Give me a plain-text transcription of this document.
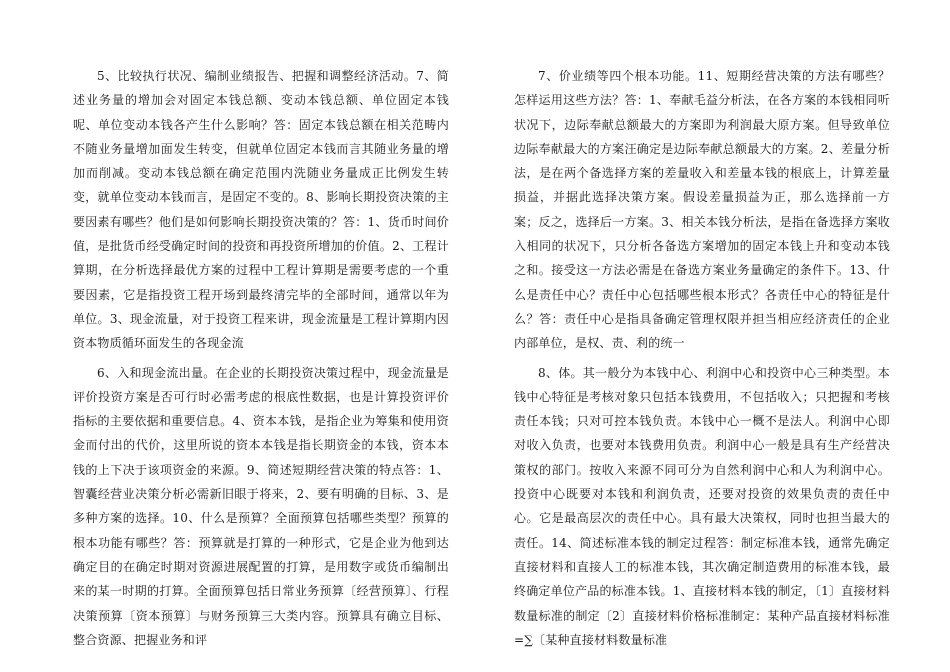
5、比较执行状况、编制业绩报告、把握和调整经济活动。7、简述业务量的增加会对固定本钱总额、变动本钱总额、单位固定本钱呢、单位变动本钱各产生什么影响？答：固定本钱总额在相关范畴内不随业务量增加面发生转变，但就单位固定本钱而言其随业务量的增加而削减。变动本钱总额在确定范围内洗随业务量成正比例发生转变，就单位变动本钱而言，是固定不变的。8、影响长期投资决策的主要因素有哪些？他们是如何影响长期投资决策的？答：1、货币时间价值，是批货币经受确定时间的投资和再投资所增加的价值。2、工程计算期，在分析选择最优方案的过程中工程计算期是需要考虑的一个重要因素，它是指投资工程开场到最终清完毕的全部时间，通常以年为单位。3、现金流量，对于投资工程来讲，现金流量是工程计算期内因资本物质循环面发生的各现金流

6、入和现金流出量。在企业的长期投资决策过程中，现金流量是评价投资方案是否可行时必需考虑的根底性数据，也是计算投资评价指标的主要依据和重要信息。4、资本本钱，是指企业为筹集和使用资金而付出的代价，这里所说的资本本钱是指长期资金的本钱，资本本钱的上下决于该项资金的来源。9、简述短期经营决策的特点答：1、智囊经营业决策分析必需新旧眼于将来，2、要有明确的目标、3、是多种方案的选择。10、什么是预算？全面预算包括哪些类型？预算的根本功能有哪些？答：预算就是打算的一种形式，它是企业为他到达确定目的在确定时期对资源进展配置的打算，是用数字或货币编制出来的某一时期的打算。全面预算包括日常业务预算〔经营预算〕、行程决策预算〔资本预算〕与财务预算三大类内容。预算具有确立目标、整合资源、把握业务和评

7、价业绩等四个根本功能。11、短期经营决策的方法有哪些？怎样运用这些方法？答：1、奉献毛益分析法，在各方案的本钱相同听状况下，边际奉献总额最大的方案即为利润最大原方案。但导致单位边际奉献最大的方案汪确定是边际奉献总额最大的方案。2、差量分析法，是在两个备选择方案的差量收入和差量本钱的根底上，计算差量损益，并据此选择决策方案。假设差量损益为正，那么选择前一方案；反之，选择后一方案。3、相关本钱分析法，是指在备选择方案收入相同的状况下，只分析各备选方案增加的固定本钱上升和变动本钱之和。接受这一方法必需是在备选方案业务量确定的条件下。13、什么是责任中心？责任中心包括哪些根本形式？各责任中心的特征是什么？答：责任中心是指具备确定管理权限并担当相应经济责任的企业内部单位，是权、责、利的统一

8、体。其一般分为本钱中心、利润中心和投资中心三种类型。本钱中心特征是考核对象只包括本钱费用，不包括收入；只把握和考核责任本钱；只对可控本钱负责。本钱中心一概不是法人。利润中心即对收入负责，也要对本钱费用负责。利润中心一般是具有生产经营决策权的部门。按收入来源不同可分为自然利润中心和人为利润中心。投资中心既要对本钱和利润负责，还要对投资的效果负责的责任中心。它是最高层次的责任中心。具有最大决策权，同时也担当最大的责任。14、简述标准本钱的制定过程答：制定标准本钱，通常先确定直接材料和直接人工的标准本钱，其次确定制造费用的标准本钱，最终确定单位产品的标准本钱。1、直接材料本钱的制定，〔1〕直接材料数量标准的制定〔2〕直接材料价格标准制定：某种产品直接材料标准=∑〔某种直接材料数量标准
